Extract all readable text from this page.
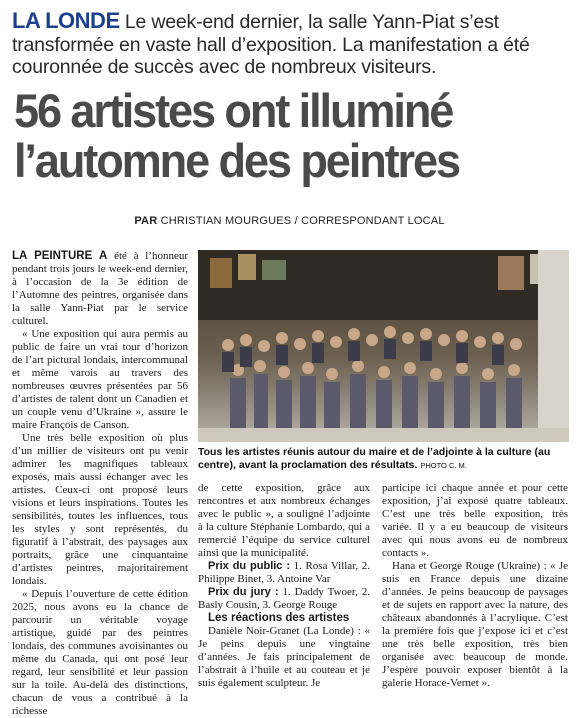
LA LONDE Le week-end dernier, la salle Yann-Piat s’est transformée en vaste hall d’exposition. La manifestation a été couronnée de succès avec de nombreux visiteurs.
56 artistes ont illuminé
l’automne des peintres
PAR CHRISTIAN MOURGUES / CORRESPONDANT LOCAL

LA PEINTURE A été à l’honneur pendant trois jours le week-end dernier, à l’occasion de la 3e édition de l’Automne des peintres, organisée dans la salle Yann-Piat par le service culturel.

« Une exposition qui aura permis au public de faire un vrai tour d’horizon de l’art pictural londais, intercommunal et même varois au travers des nombreuses œuvres présentées par 56 d’artistes de talent dont un Canadien et un couple venu d’Ukraine », assure le maire François de Canson.

Une très belle exposition où plus d’un millier de visiteurs ont pu venir admirer les magnifiques tableaux exposés, mais aussi échanger avec les artistes. Ceux-ci ont proposé leurs visions et leurs inspirations. Toutes les sensibilités, toutes les influences, tous les styles y sont représentés, du figuratif à l’abstrait, des paysages aux portraits, grâce une cinquantaine d’artistes peintres, majoritairement londais.

« Depuis l’ouverture de cette édition 2025, nous avons eu la chance de parcourir un véritable voyage artistique, guidé par des peintres londais, des communes avoisinantes ou même du Canada, qui ont posé leur regard, leur sensibilité et leur passion sur la toile. Au-delà des distinctions, chacun de vous a contribué à la richesse

Tous les artistes réunis autour du maire et de l’adjointe à la culture (au centre), avant la proclamation des résultats. PHOTO C. M.

de cette exposition, grâce aux rencontres et aux nombreux échanges avec le public », a souligné l’adjointe à la culture Stéphanie Lombardo, qui a remercié l’équipe du service culturel ainsi que la municipalité.

Prix du public : 1. Rosa Villar, 2. Philippe Binet, 3. Antoine Var

Prix du jury : 1. Daddy Twoer, 2. Basly Cousin, 3. George Rouge

Les réactions des artistes

Danièle Noir-Granet (La Londe) : « Je peins depuis une vingtaine d’années. Je fais principalement de l’abstrait à l’huile et au couteau et je suis également sculpteur. Je

participe ici chaque année et pour cette exposition, j’ai exposé quatre tableaux. C’est une très belle exposition, très variée. Il y a eu beaucoup de visiteurs avec qui nous avons eu de nombreux contacts ».

Hana et George Rouge (Ukraine) : « Je suis en France depuis une dizaine d’années. Je peins beaucoup de paysages et de sujets en rapport avec la nature, des châteaux abandonnés à l’acrylique. C’est la première fois que j’expose ici et c’est une très belle exposition, très bien organisée avec beaucoup de monde. J’espère pouvoir exposer bientôt à la galerie Horace-Vernet ».
